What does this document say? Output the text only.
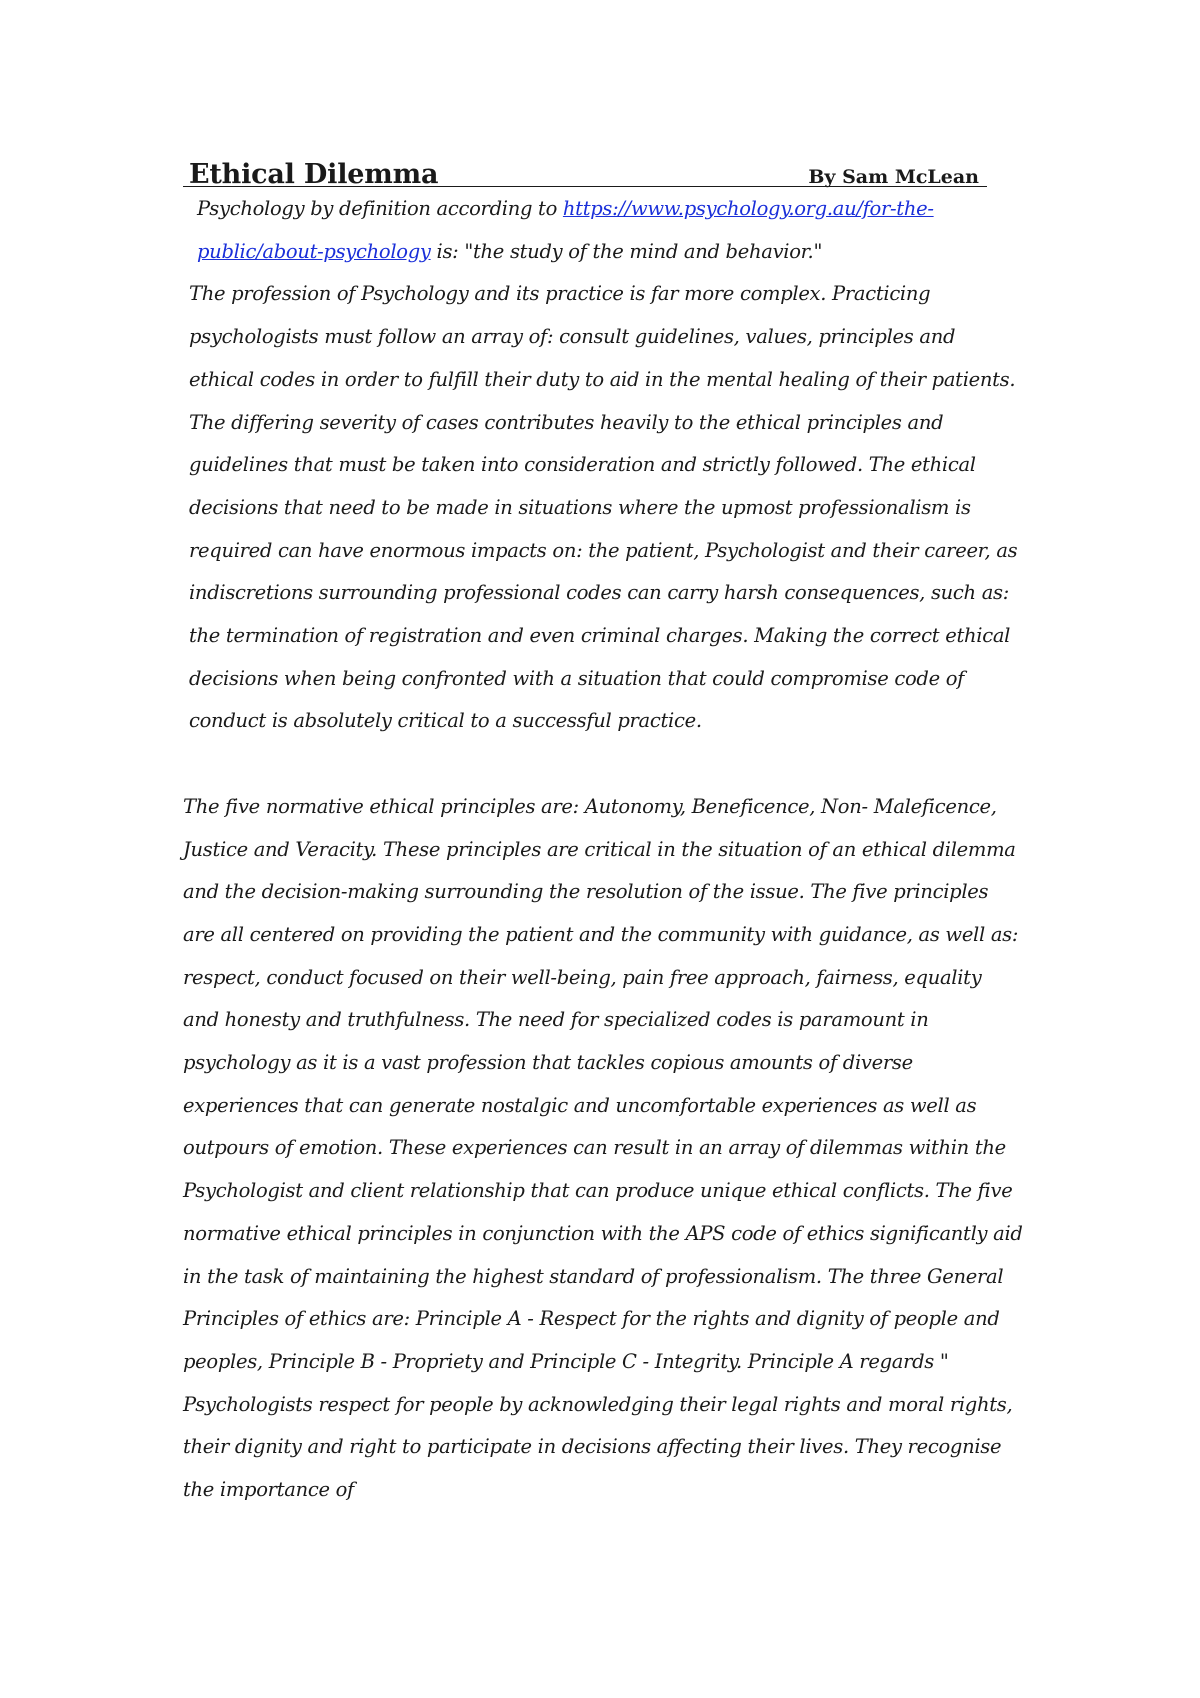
Ethical Dilemma	By Sam McLean

Psychology by definition according to https://www.psychology.org.au/for-the-public/about-psychology is: "the study of the mind and behavior."

The profession of Psychology and its practice is far more complex. Practicing psychologists must follow an array of: consult guidelines, values, principles and ethical codes in order to fulfill their duty to aid in the mental healing of their patients. The differing severity of cases contributes heavily to the ethical principles and guidelines that must be taken into consideration and strictly followed. The ethical decisions that need to be made in situations where the upmost professionalism is required can have enormous impacts on: the patient, Psychologist and their career, as indiscretions surrounding professional codes can carry harsh consequences, such as: the termination of registration and even criminal charges. Making the correct ethical decisions when being confronted with a situation that could compromise code of conduct is absolutely critical to a successful practice.

The five normative ethical principles are: Autonomy, Beneficence, Non- Maleficence, Justice and Veracity. These principles are critical in the situation of an ethical dilemma and the decision-making surrounding the resolution of the issue. The five principles are all centered on providing the patient and the community with guidance, as well as: respect, conduct focused on their well-being, pain free approach, fairness, equality and honesty and truthfulness. The need for specialized codes is paramount in psychology as it is a vast profession that tackles copious amounts of diverse experiences that can generate nostalgic and uncomfortable experiences as well as outpours of emotion. These experiences can result in an array of dilemmas within the Psychologist and client relationship that can produce unique ethical conflicts. The five normative ethical principles in conjunction with the APS code of ethics significantly aid in the task of maintaining the highest standard of professionalism. The three General Principles of ethics are: Principle A - Respect for the rights and dignity of people and peoples, Principle B - Propriety and Principle C - Integrity. Principle A regards " Psychologists respect for people by acknowledging their legal rights and moral rights, their dignity and right to participate in decisions affecting their lives. They recognise the importance of
